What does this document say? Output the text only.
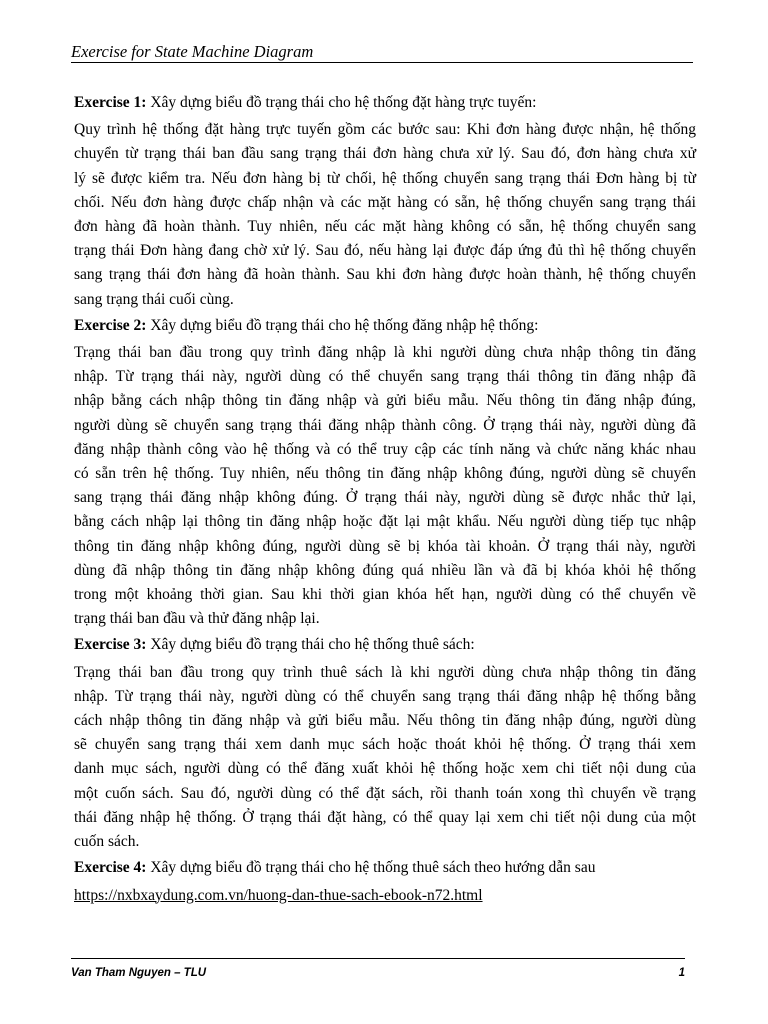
Exercise for State Machine Diagram

Exercise 1: Xây dựng biểu đồ trạng thái cho hệ thống đặt hàng trực tuyến:

Quy trình hệ thống đặt hàng trực tuyến gồm các bước sau: Khi đơn hàng được nhận, hệ thống
chuyển từ trạng thái ban đầu sang trạng thái đơn hàng chưa xử lý. Sau đó, đơn hàng chưa xử
lý sẽ được kiểm tra. Nếu đơn hàng bị từ chối, hệ thống chuyển sang trạng thái Đơn hàng bị từ
chối. Nếu đơn hàng được chấp nhận và các mặt hàng có sẵn, hệ thống chuyển sang trạng thái
đơn hàng đã hoàn thành. Tuy nhiên, nếu các mặt hàng không có sẵn, hệ thống chuyển sang
trạng thái Đơn hàng đang chờ xử lý. Sau đó, nếu hàng lại được đáp ứng đủ thì hệ thống chuyển
sang trạng thái đơn hàng đã hoàn thành. Sau khi đơn hàng được hoàn thành, hệ thống chuyển
sang trạng thái cuối cùng.

Exercise 2: Xây dựng biểu đồ trạng thái cho hệ thống đăng nhập hệ thống:

Trạng thái ban đầu trong quy trình đăng nhập là khi người dùng chưa nhập thông tin đăng
nhập. Từ trạng thái này, người dùng có thể chuyển sang trạng thái thông tin đăng nhập đã
nhập bằng cách nhập thông tin đăng nhập và gửi biểu mẫu. Nếu thông tin đăng nhập đúng,
người dùng sẽ chuyển sang trạng thái đăng nhập thành công. Ở trạng thái này, người dùng đã
đăng nhập thành công vào hệ thống và có thể truy cập các tính năng và chức năng khác nhau
có sẵn trên hệ thống. Tuy nhiên, nếu thông tin đăng nhập không đúng, người dùng sẽ chuyển
sang trạng thái đăng nhập không đúng. Ở trạng thái này, người dùng sẽ được nhắc thử lại,
bằng cách nhập lại thông tin đăng nhập hoặc đặt lại mật khẩu. Nếu người dùng tiếp tục nhập
thông tin đăng nhập không đúng, người dùng sẽ bị khóa tài khoản. Ở trạng thái này, người
dùng đã nhập thông tin đăng nhập không đúng quá nhiều lần và đã bị khóa khỏi hệ thống
trong một khoảng thời gian. Sau khi thời gian khóa hết hạn, người dùng có thể chuyển về
trạng thái ban đầu và thử đăng nhập lại.

Exercise 3: Xây dựng biểu đồ trạng thái cho hệ thống thuê sách:

Trạng thái ban đầu trong quy trình thuê sách là khi người dùng chưa nhập thông tin đăng
nhập. Từ trạng thái này, người dùng có thể chuyển sang trạng thái đăng nhập hệ thống bằng
cách nhập thông tin đăng nhập và gửi biểu mẫu. Nếu thông tin đăng nhập đúng, người dùng
sẽ chuyển sang trạng thái xem danh mục sách hoặc thoát khỏi hệ thống. Ở trạng thái xem
danh mục sách, người dùng có thể đăng xuất khỏi hệ thống hoặc xem chi tiết nội dung của
một cuốn sách. Sau đó, người dùng có thể đặt sách, rồi thanh toán xong thì chuyển về trạng
thái đăng nhập hệ thống. Ở trạng thái đặt hàng, có thể quay lại xem chi tiết nội dung của một
cuốn sách.

Exercise 4: Xây dựng biểu đồ trạng thái cho hệ thống thuê sách theo hướng dẫn sau

https://nxbxaydung.com.vn/huong-dan-thue-sach-ebook-n72.html
Van Tham Nguyen – TLU	1
